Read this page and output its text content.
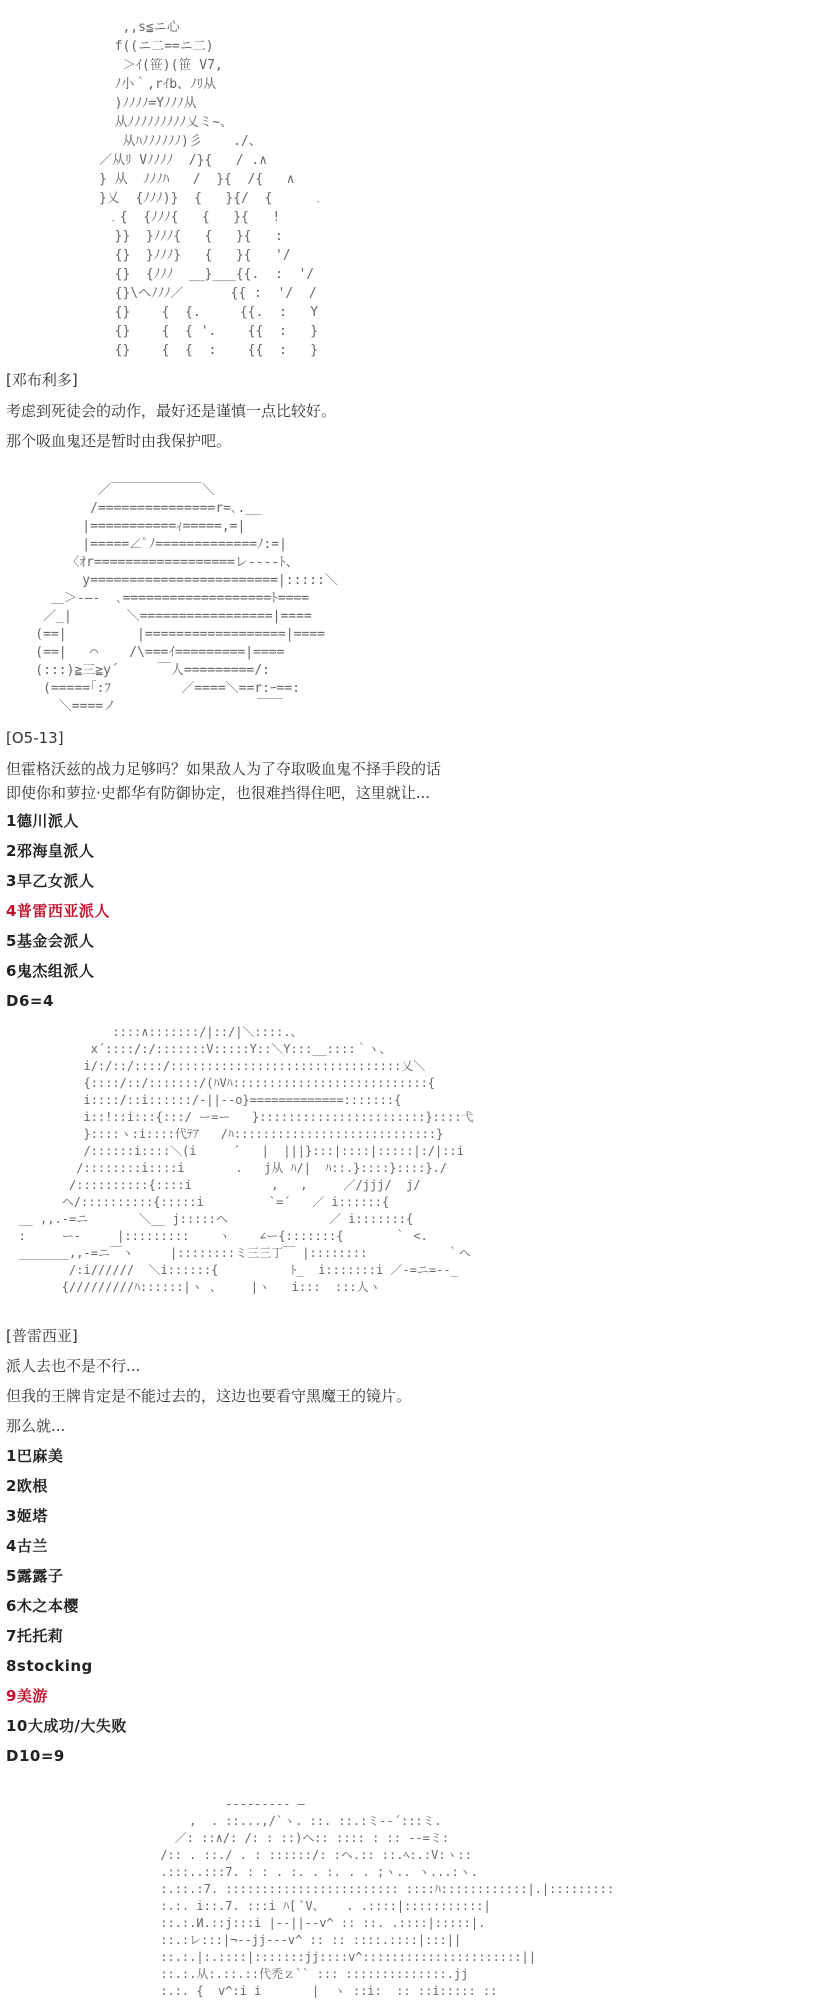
,,s≦ニ心
f((ニ二==ニ二)
＞ｲ(笹)(笹 V7,
ﾉ小｀,rｲb、ﾉﾘ从
)ﾉﾉﾉﾉ=Yﾉﾉﾉ从
从ﾉﾉﾉﾉﾉﾉﾉﾉﾉ乂ミ~、
从ﾊﾉﾉﾉﾉﾉﾉ)彡    ./、
／从ﾘ Vﾉﾉﾉﾉ  /}{   / .∧
} 从  ﾉﾉﾉﾊ   /  }{  /{   ∧
}乂  {ﾉﾉﾉ)}  {   }{/  {     ﹒
﹒{  {ﾉﾉﾉ{   {   }{   !
}}  }ﾉﾉﾉ{   {   }{   :
{}  }ﾉﾉﾉ}   {   }{   '/
{}  {ﾉﾉﾉ  __}___{{.  :  '/
{}\へﾉﾉﾉ／      {{ :  '/  /
{}    {  {.     {{.  :   Y
{}    {  { '.    {{  :   }
{}    {  {  :    {{  :   }
[邓布利多]
考虑到死徒会的动作，最好还是谨慎一点比较好。
那个吸血鬼还是暂时由我保护吧。
／￣￣￣￣￣￣￣＼
/===============r=､.__
|===========ｨ=====,=|
|=====∠ﾟﾉ=============ﾉ:=|
〈ｵr==================レ----ﾄ、
y========================|:::::＼
＿＞-―-  ､===================ﾄ====
／_|       ＼=================|====
(==|         |==================|====
(==|   ⌒    /\===ｲ=========|====
(:::)≧三≧y´     ￣人=========/:
(=====｢:ﾌ         ／====＼==r:ｰ==:
＼====ノ                  ￣￣
[O5-13]
但霍格沃兹的战力足够吗？如果敌人为了夺取吸血鬼不择手段的话
即使你和萝拉·史都华有防御协定，也很难挡得住吧，这里就让...
1德川派人
2邪海皇派人
3早乙女派人
4普雷西亚派人
5基金会派人
6鬼杰组派人
D6=4
::::∧:::::::/|::/|＼::::.、
x´::::/:/:::::::V:::::Y::＼Y:::__::::｀ヽ、
i/:/::/::::/::::::::::::::::::::::::::::::::乂＼
{::::/::/:::::::/(ﾊVﾊ:::::::::::::::::::::::::::{
i::::/::i::::::/-||--o}=============:::::::{
i::!::i:::{:::/ ー=ー   }:::::::::::::::::::::::}::::弋
}::::ヽ:i::::代ﾃｱ   /ﾊ::::::::::::::::::::::::::::}
/::::::i::::＼(i     ´   |  |||}:::|::::|:::::|:/|::i
/::::::::i::::i       .   j从 ﾊ/|  ﾊ::.}::::}::::}./
/::::::::::{::::i           ,   ,     ／/jjj/  j/
ヘ/::::::::::{:::::i         `=´   ／ i::::::{
__ ,,.-=ニ       ＼__ j:::::ヘ              ／ i:::::::{
:     ー‐     |:::::::::    ヽ    ∠ー{:::::::{       ｀ <.
_______,,-=ニ￣ヽ     |::::::::ミ三三丁￣ |::::::::           ｀ヘ
/:i//////  ＼i::::::{          ﾄ_  i:::::::i ／-=ニ=--_
{/////////ﾊ::::::|ヽ 、    |ヽ   i:::  :::人ヽ
[普雷西亚]
派人去也不是不行...
但我的王牌肯定是不能过去的，这边也要看守黑魔王的镜片。
那么就...
1巴麻美
2欧根
3姬塔
4古兰
5露露子
6木之本樱
7托托莉
8stocking
9美游
10大成功/大失败
D10=9
--------- ―
,  . ::...,/`ヽ. ::. ::.:ミ-‐´:::ミ.
／: ::∧/: /: : ::)ヘ:: :::: : :: --=ミ:
/:: . ::./ . : ::::::/: :ヘ.:: ::.ﾍ:.:V:ヽ::
.:::..:::7. : : . :. . :. . . ;ヽ.. ヽ...:ヽ.
:.::.:7. :::::::::::::::::::::::: ::::ﾊ::::::::::::|.|:::::::::
:.:. i::.7. :::i ﾊ[ ﾞV、   . .::::|:::::::::::|
::.:.И.::j:::i |--||--v^ :: ::. .::::|:::::|.
::.:レ:::|¬--jj---v^ :: :: ::::.::::|:::||
::.:.|:.::::|:::::::jj::::v^::::::::::::::::::::::||
::.:.从:.::.::代禿ｚ`` ::: ::::::::::::::.jj
:.:. {  v^:i i       |  ヽ ::i:  :: ::i::::: ::
